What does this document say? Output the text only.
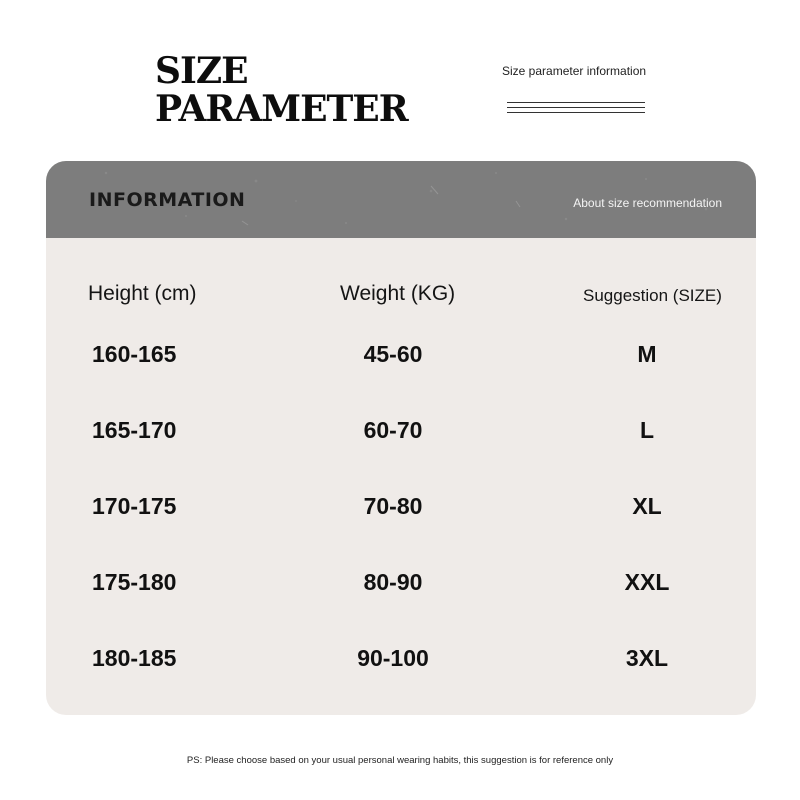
SIZE
PARAMETER
Size parameter information
INFORMATION	About size recommendation
Height (cm)	Weight (KG)	Suggestion (SIZE)
160-165	45-60	M
165-170	60-70	L
170-175	70-80	XL
175-180	80-90	XXL
180-185	90-100	3XL
PS: Please choose based on your usual personal wearing habits, this suggestion is for reference only
